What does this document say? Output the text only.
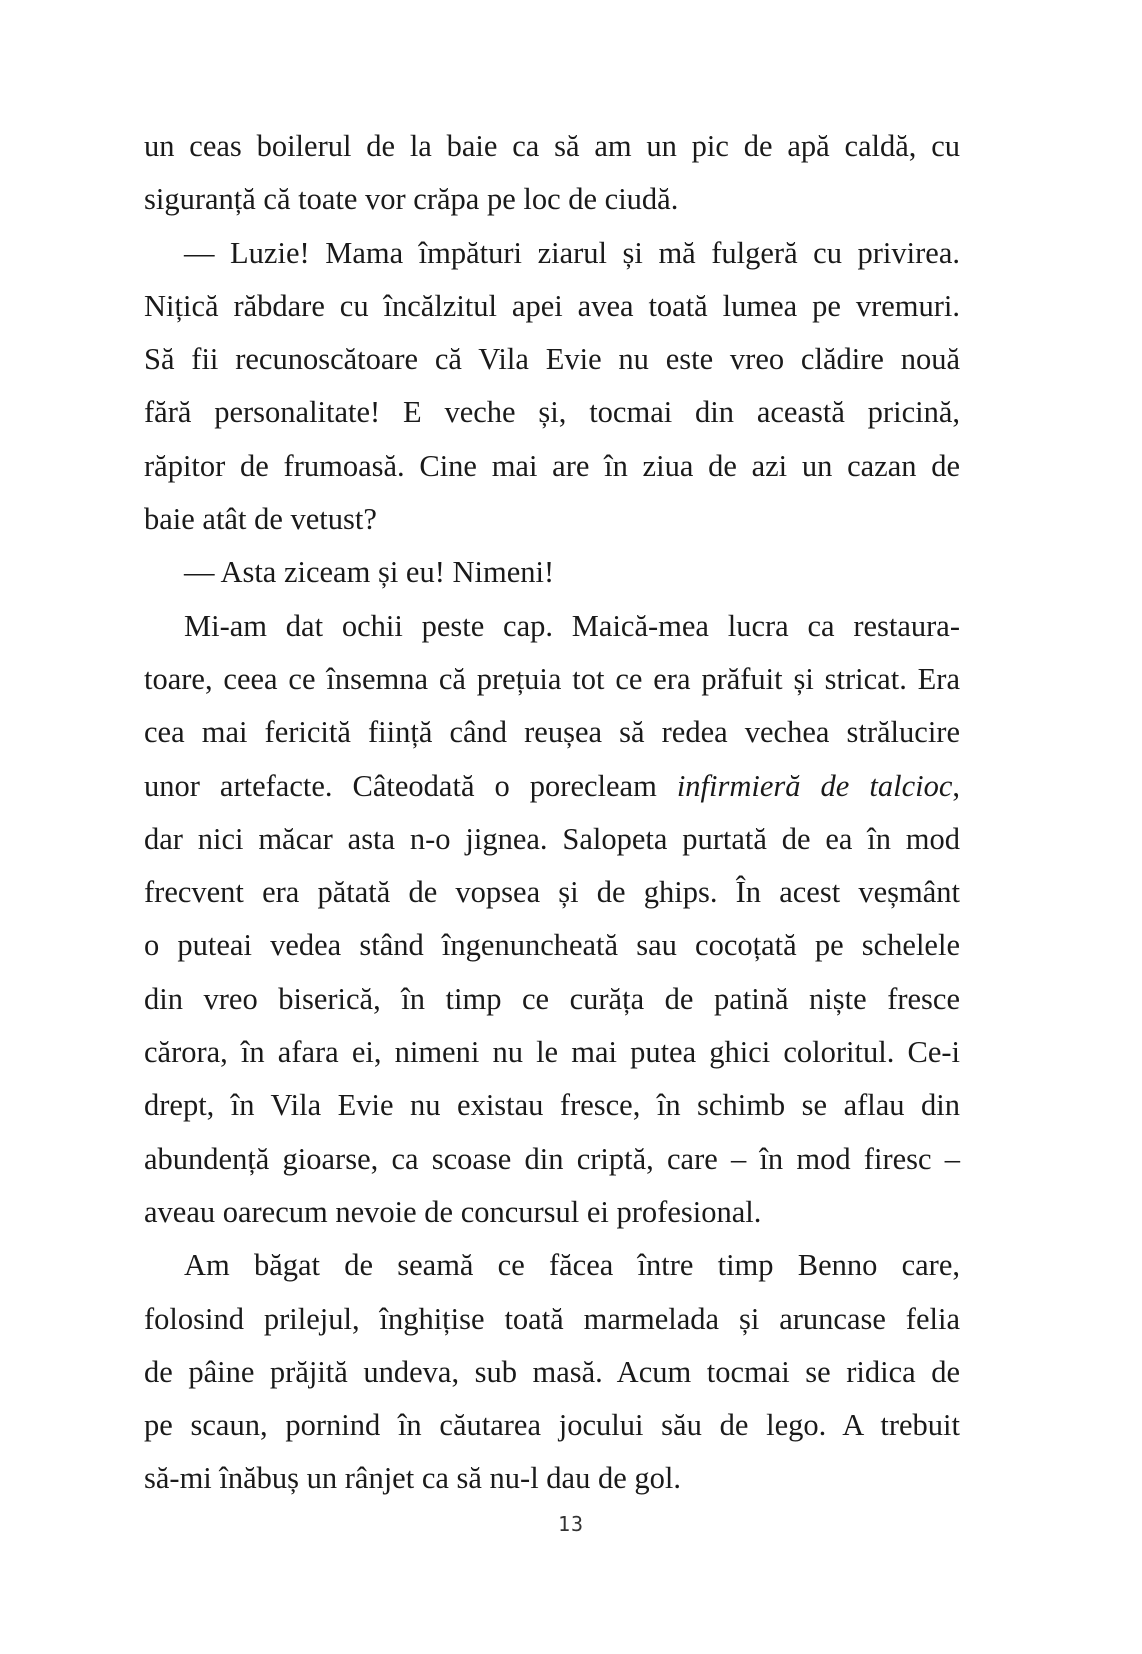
un ceas boilerul de la baie ca să am un pic de apă caldă, cu
siguranță că toate vor crăpa pe loc de ciudă.
— Luzie! Mama împături ziarul și mă fulgeră cu privirea.
Nițică răbdare cu încălzitul apei avea toată lumea pe vremuri.
Să fii recunoscătoare că Vila Evie nu este vreo clădire nouă
fără personalitate! E veche și, tocmai din această pricină,
răpitor de frumoasă. Cine mai are în ziua de azi un cazan de
baie atât de vetust?
— Asta ziceam și eu! Nimeni!
Mi-am dat ochii peste cap. Maică-mea lucra ca restaura-
toare, ceea ce însemna că prețuia tot ce era prăfuit și stricat. Era
cea mai fericită ființă când reușea să redea vechea strălucire
unor artefacte. Câteodată o porecleam infirmieră de talcioc,
dar nici măcar asta n-o jignea. Salopeta purtată de ea în mod
frecvent era pătată de vopsea și de ghips. În acest veșmânt
o puteai vedea stând îngenuncheată sau cocoțată pe schelele
din vreo biserică, în timp ce curăța de patină niște fresce
cărora, în afara ei, nimeni nu le mai putea ghici coloritul. Ce-i
drept, în Vila Evie nu existau fresce, în schimb se aflau din
abundență gioarse, ca scoase din criptă, care – în mod firesc –
aveau oarecum nevoie de concursul ei profesional.
Am băgat de seamă ce făcea între timp Benno care,
folosind prilejul, înghițise toată marmelada și aruncase felia
de pâine prăjită undeva, sub masă. Acum tocmai se ridica de
pe scaun, pornind în căutarea jocului său de lego. A trebuit
să-mi înăbuș un rânjet ca să nu-l dau de gol.
13
